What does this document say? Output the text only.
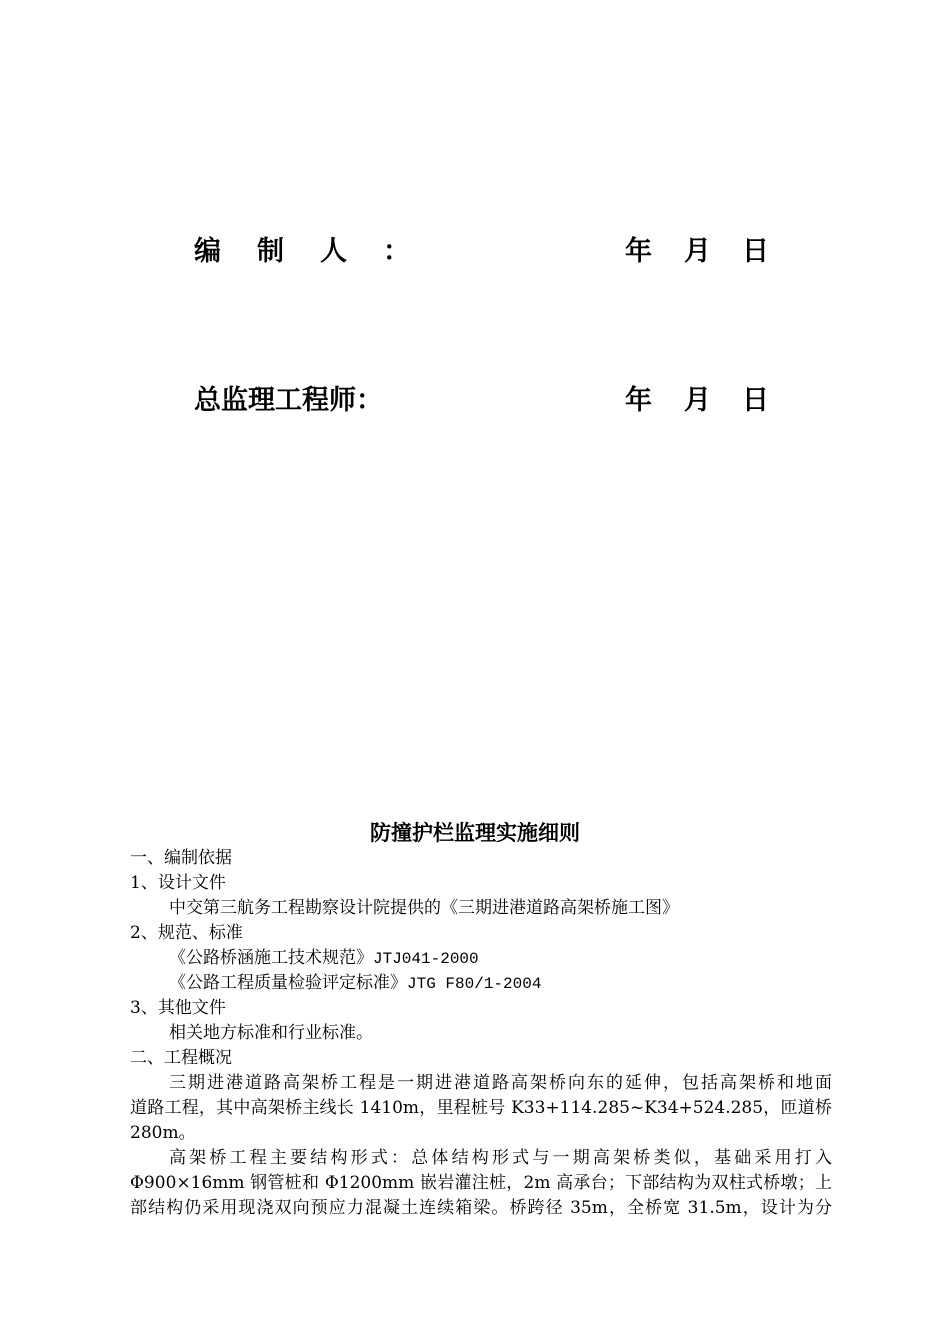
编制人：	年 月 日
总监理工程师：	年 月 日
防撞护栏监理实施细则
一、编制依据
1、设计文件
中交第三航务工程勘察设计院提供的《三期进港道路高架桥施工图》
2、规范、标准
《公路桥涵施工技术规范》JTJ041-2000
《公路工程质量检验评定标准》JTG F80/1-2004
3、其他文件
相关地方标准和行业标准。
二、工程概况
三期进港道路高架桥工程是一期进港道路高架桥向东的延伸，包括高架桥和地面
道路工程，其中高架桥主线长 1410m，里程桩号 K33+114.285~K34+524.285，匝道桥
280m。
高架桥工程主要结构形式：总体结构形式与一期高架桥类似，基础采用打入
Φ900×16mm 钢管桩和 Φ1200mm 嵌岩灌注桩，2m 高承台；下部结构为双柱式桥墩；上
部结构仍采用现浇双向预应力混凝土连续箱梁。桥跨径 35m，全桥宽 31.5m，设计为分
